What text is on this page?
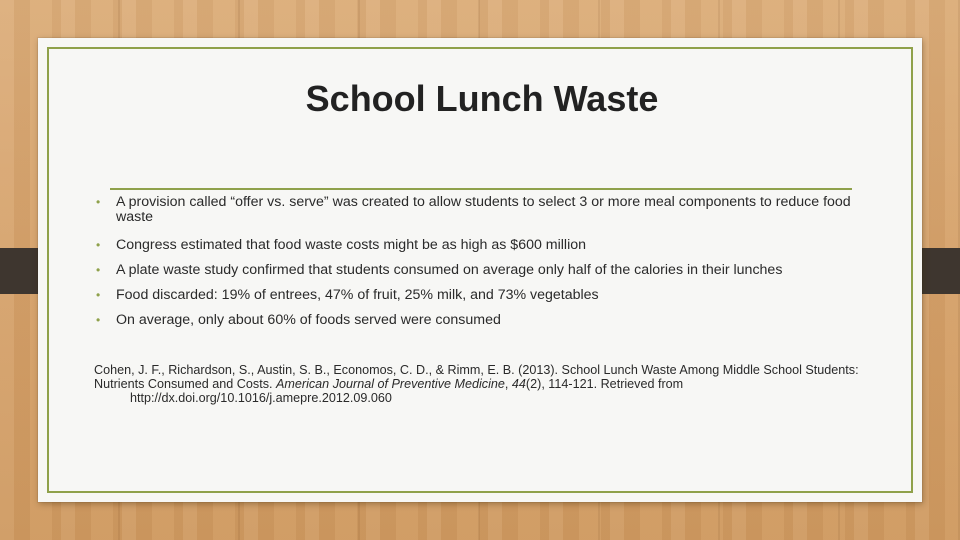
School Lunch Waste
• A provision called “offer vs. serve” was created to allow students to select 3 or more meal components to reduce food waste
• Congress estimated that food waste costs might be as high as $600 million
• A plate waste study confirmed that students consumed on average only half of the calories in their lunches
• Food discarded: 19% of entrees, 47% of fruit, 25% milk, and 73% vegetables
• On average, only about 60% of foods served were consumed

Cohen, J. F., Richardson, S., Austin, S. B., Economos, C. D., & Rimm, E. B. (2013). School Lunch Waste Among Middle School Students: Nutrients Consumed and Costs. American Journal of Preventive Medicine, 44(2), 114-121. Retrieved from
http://dx.doi.org/10.1016/j.amepre.2012.09.060
